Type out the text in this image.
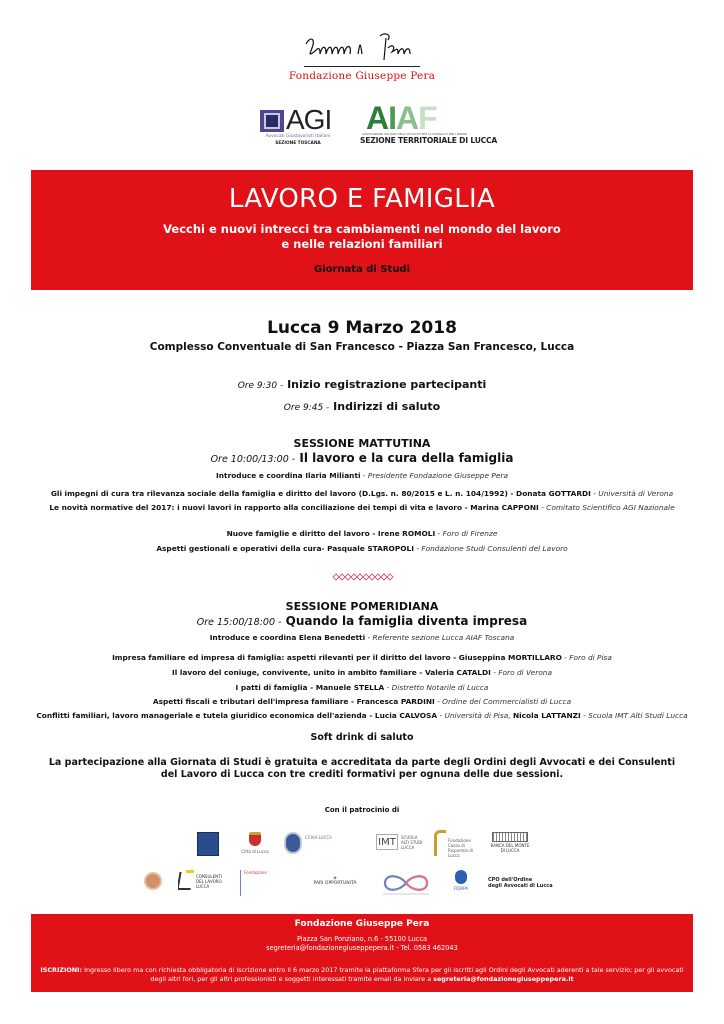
Fondazione Giuseppe Pera
AGI
Avvocati Giuslavoristi Italiani
SEZIONE TOSCANA
AIAF
ASSOCIAZIONE ITALIANA DEGLI AVVOCATI PER LA FAMIGLIA E PER I MINORI
SEZIONE TERRITORIALE DI LUCCA
LAVORO E FAMIGLIA
Vecchi e nuovi intrecci tra cambiamenti nel mondo del lavoro
e nelle relazioni familiari
Giornata di Studi
Lucca 9 Marzo 2018
Complesso Conventuale di San Francesco - Piazza San Francesco, Lucca
Ore 9:30 - Inizio registrazione partecipanti
Ore 9:45 - Indirizzi di saluto
SESSIONE MATTUTINA
Ore 10:00/13:00 - Il lavoro e la cura della famiglia
Introduce e coordina Ilaria Milianti - Presidente Fondazione Giuseppe Pera
Gli impegni di cura tra rilevanza sociale della famiglia e diritto del lavoro (D.Lgs. n. 80/2015 e L. n. 104/1992) - Donata GOTTARDI - Università di Verona
Le novità normative del 2017: i nuovi lavori in rapporto alla conciliazione dei tempi di vita e lavoro - Marina CAPPONI - Comitato Scientifico AGI Nazionale
Nuove famiglie e diritto del lavoro - Irene ROMOLI - Foro di Firenze
Aspetti gestionali e operativi della cura- Pasquale STAROPOLI - Fondazione Studi Consulenti del Lavoro
SESSIONE POMERIDIANA
Ore 15:00/18:00 - Quando la famiglia diventa impresa
Introduce e coordina Elena Benedetti - Referente sezione Lucca AIAF Toscana
Impresa familiare ed impresa di famiglia: aspetti rilevanti per il diritto del lavoro - Giuseppina MORTILLARO - Foro di Pisa
Il lavoro del coniuge, convivente, unito in ambito familiare - Valeria CATALDI - Foro di Verona
I patti di famiglia - Manuele STELLA - Distretto Notarile di Lucca
Aspetti fiscali e tributari dell'impresa familiare - Francesca PARDINI - Ordine dei Commercialisti di Lucca
Conflitti familiari, lavoro manageriale e tutela giuridico economica dell'azienda - Lucia CALVOSA - Università di Pisa, Nicola LATTANZI - Scuola IMT Alti Studi Lucca
Soft drink di saluto
La partecipazione alla Giornata di Studi è gratuita e accreditata da parte degli Ordini degli Avvocati e dei Consulenti
del Lavoro di Lucca con tre crediti formativi per ognuna delle due sessioni.
Con il patrocinio di
Città di Lucca
CCIAA LUCCA	IMT	SCUOLA ALTI STUDI LUCCA
Fondazione Cassa di Risparmio di Lucca
BANCA DEL MONTE DI LUCCA
CONSULENTI DEL LAVORO LUCCA
Fondazione
✦
PARI OPPORTUNITÀ
FIDAPA
CPO dell'Ordine
degli Avvocati di Lucca
Fondazione Giuseppe Pera
Piazza San Ponziano, n.6 - 55100 Lucca
segreteria@fondazionegiuseppepera.it - Tel. 0583 462043
ISCRIZIONI: Ingresso libero ma con richiesta obbligatoria di iscrizione entro il 6 marzo 2017 tramite la piattaforma Sfera per gli iscritti agli Ordini degli Avvocati aderenti a tale servizio; per gli avvocati degli altri fori, per gli altri professionisti e soggetti interessati tramite email da inviare a segreteria@fondazionegiuseppepera.it
